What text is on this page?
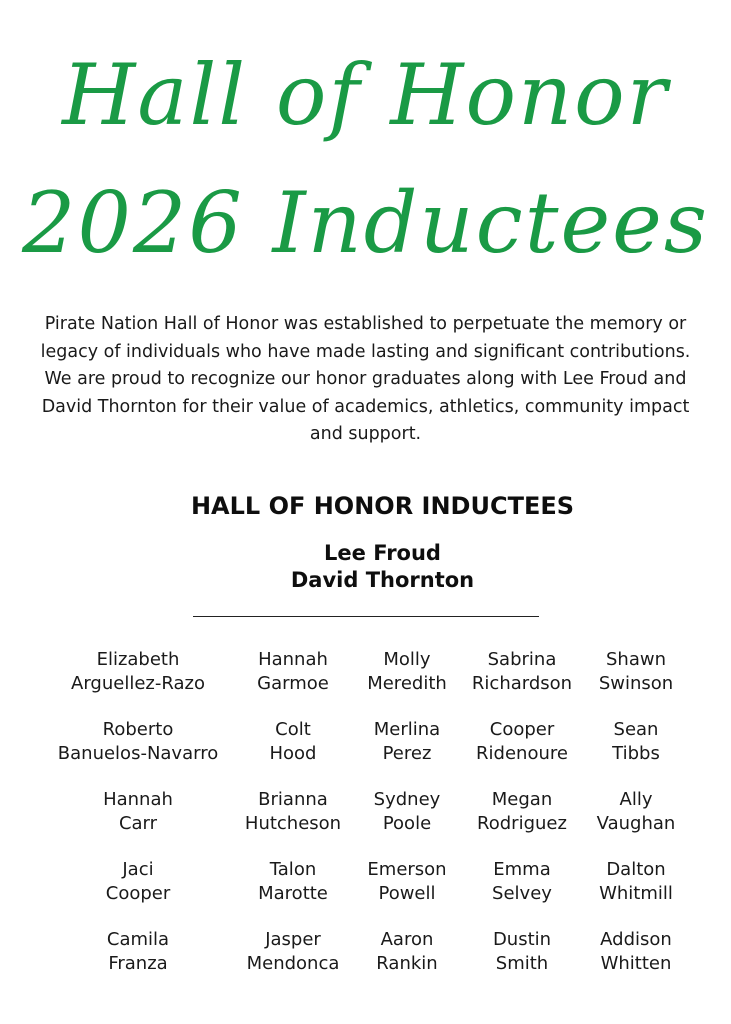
Hall of Honor
2026 Inductees

Pirate Nation Hall of Honor was established to perpetuate the memory or legacy of individuals who have made lasting and significant contributions.

We are proud to recognize our honor graduates along with Lee Froud and David Thornton for their value of academics, athletics, community impact and support.

HALL OF HONOR INDUCTEES
Lee Froud
David Thornton
Elizabeth
Arguellez-Razo
Hannah
Garmoe
Molly
Meredith
Sabrina
Richardson
Shawn
Swinson
Roberto
Banuelos-Navarro
Colt
Hood
Merlina
Perez
Cooper
Ridenoure
Sean
Tibbs
Hannah
Carr
Brianna
Hutcheson
Sydney
Poole
Megan
Rodriguez
Ally
Vaughan
Jaci
Cooper
Talon
Marotte
Emerson
Powell
Emma
Selvey
Dalton
Whitmill
Camila
Franza
Jasper
Mendonca
Aaron
Rankin
Dustin
Smith
Addison
Whitten
